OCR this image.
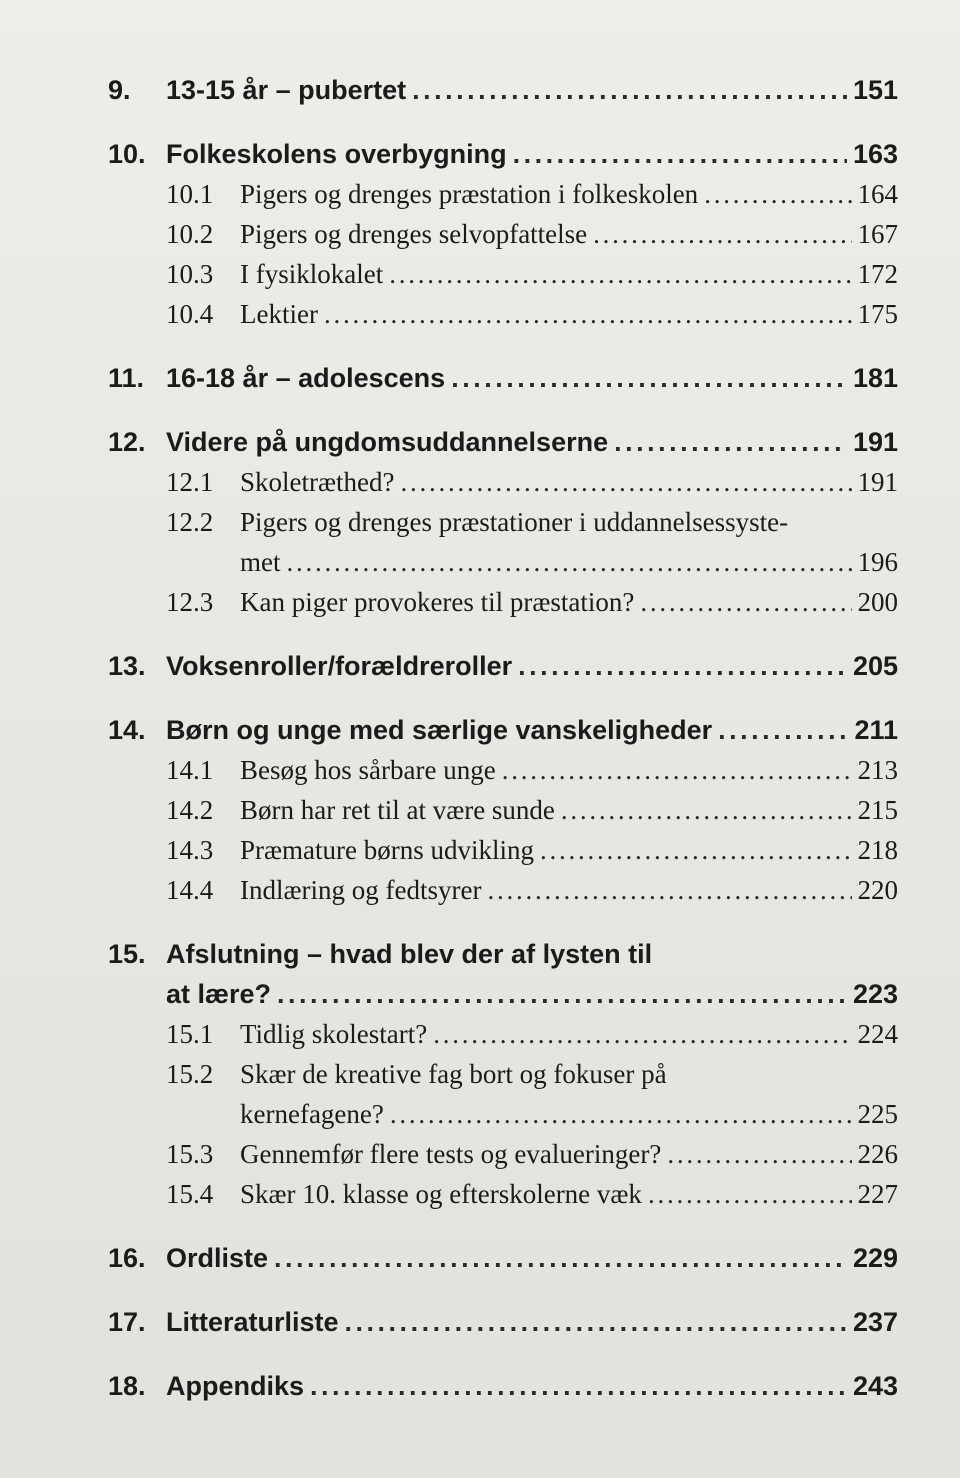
9.	13-15 år – pubertet . . .	151
10. Folkeskolens overbygning . . .	163
10.1 Pigers og drenges præstation i folkeskolen . . .	164
10.2 Pigers og drenges selvopfattelse . . .	167
10.3 I fysiklokalet . . .	172
10.4 Lektier . . .	175
11. 16-18 år – adolescens . . .	181
12. Videre på ungdomsuddannelserne . . .	191
12.1 Skoletræthed? . . .	191
12.2 Pigers og drenges præstationer i uddannelsessyste-
met . . .	196
12.3 Kan piger provokeres til præstation? . . .	200
13. Voksenroller/forældreroller . . .	205
14. Børn og unge med særlige vanskeligheder . . .	211
14.1 Besøg hos sårbare unge . . .	213
14.2 Børn har ret til at være sunde . . .	215
14.3 Præmature børns udvikling . . .	218
14.4 Indlæring og fedtsyrer . . .	220
15. Afslutning – hvad blev der af lysten til
at lære? . . .	223
15.1 Tidlig skolestart? . . .	224
15.2 Skær de kreative fag bort og fokuser på
kernefagene? . . .	225
15.3 Gennemfør flere tests og evalueringer? . . .	226
15.4 Skær 10. klasse og efterskolerne væk . . .	227
16. Ordliste . . .	229
17. Litteraturliste . . .	237
18. Appendiks . . .	243
